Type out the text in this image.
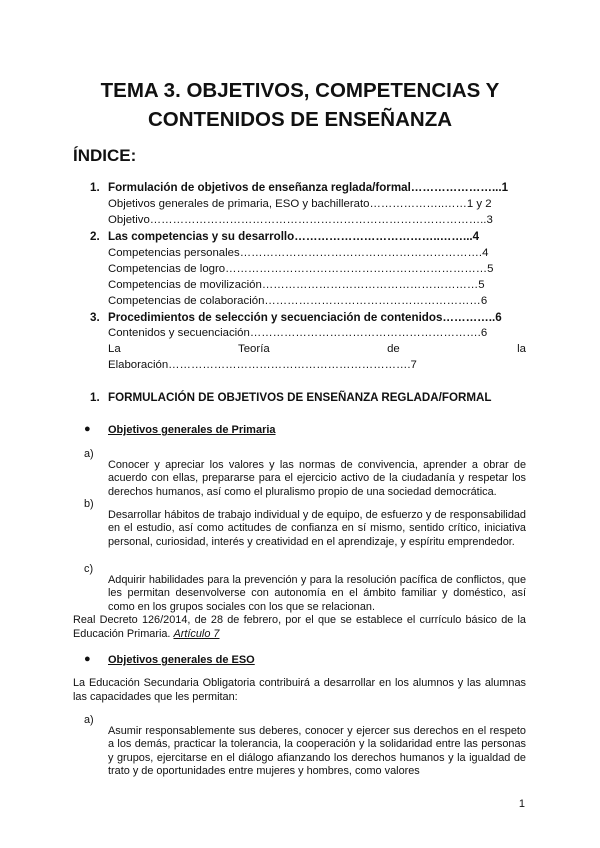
TEMA 3. OBJETIVOS, COMPETENCIAS Y
CONTENIDOS DE ENSEÑANZA
ÍNDICE:
1. Formulación de objetivos de enseñanza reglada/formal…………………...1
Objetivos generales de primaria, ESO y bachillerato………………..……1 y 2
Objetivo……………………………………………………………………………..3
2. Las competencias y su desarrollo………………………………..……...4
Competencias personales……………………………………………………….4
Competencias de logro……………………………………………………………5
Competencias de movilización…………………………………………………5
Competencias de colaboración…………………………………………………6
3. Procedimientos de selección y secuenciación de contenidos…………..6
Contenidos y secuenciación…………………………………………………….6
La	Teoría	de	la
Elaboración……………………………………………………….7
1. FORMULACIÓN DE OBJETIVOS DE ENSEÑANZA REGLADA/FORMAL
● Objetivos generales de Primaria
a)

Conocer y apreciar los valores y las normas de convivencia, aprender a obrar de acuerdo con ellas, prepararse para el ejercicio activo de la ciudadanía y respetar los derechos humanos, así como el pluralismo propio de una sociedad democrática.

b)

Desarrollar hábitos de trabajo individual y de equipo, de esfuerzo y de responsabilidad en el estudio, así como actitudes de confianza en sí mismo, sentido crítico, iniciativa personal, curiosidad, interés y creatividad en el aprendizaje, y espíritu emprendedor.

c)

Adquirir habilidades para la prevención y para la resolución pacífica de conflictos, que les permitan desenvolverse con autonomía en el ámbito familiar y doméstico, así como en los grupos sociales con los que se relacionan.

Real Decreto 126/2014, de 28 de febrero, por el que se establece el currículo básico de la Educación Primaria. Artículo 7

● Objetivos generales de ESO

La Educación Secundaria Obligatoria contribuirá a desarrollar en los alumnos y las alumnas las capacidades que les permitan:

a)

Asumir responsablemente sus deberes, conocer y ejercer sus derechos en el respeto a los demás, practicar la tolerancia, la cooperación y la solidaridad entre las personas y grupos, ejercitarse en el diálogo afianzando los derechos humanos y la igualdad de trato y de oportunidades entre mujeres y hombres, como valores

1
